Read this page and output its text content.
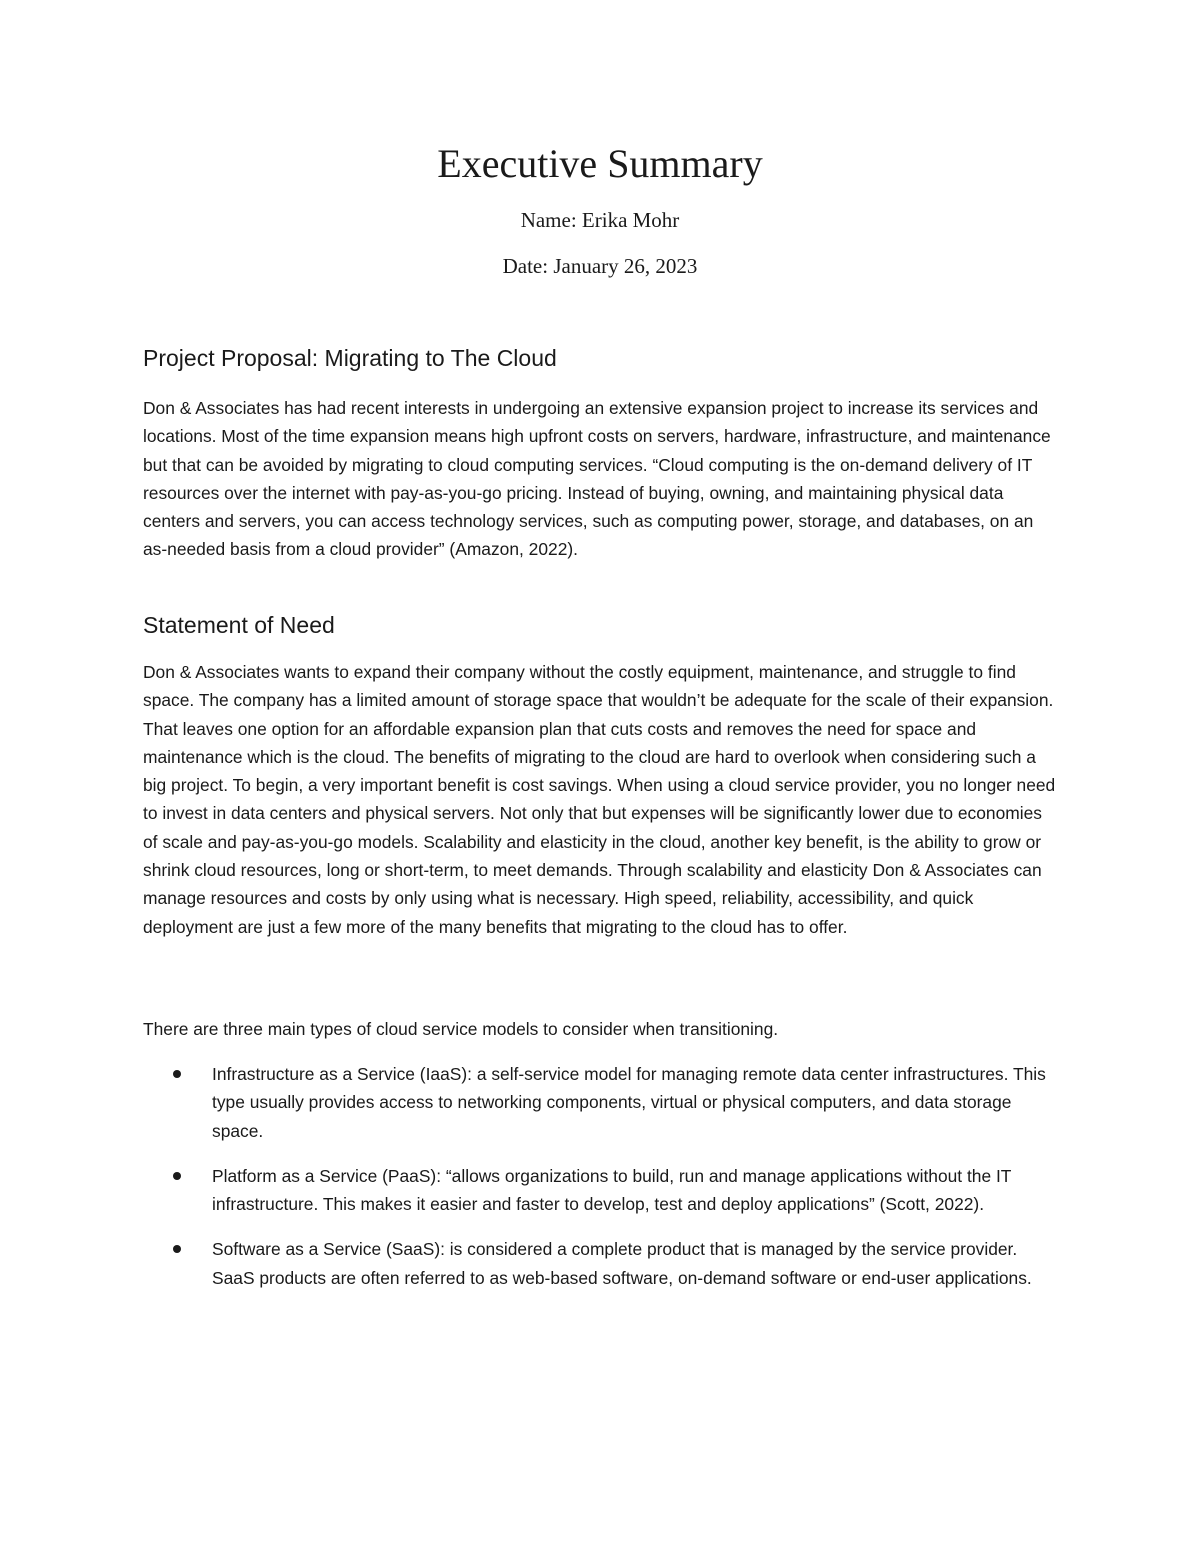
Executive Summary

Name: Erika Mohr

Date: January 26, 2023

Project Proposal: Migrating to The Cloud

Don & Associates has had recent interests in undergoing an extensive expansion project to increase its services and locations. Most of the time expansion means high upfront costs on servers, hardware, infrastructure, and maintenance but that can be avoided by migrating to cloud computing services. “Cloud computing is the on-demand delivery of IT resources over the internet with pay-as-you-go pricing. Instead of buying, owning, and maintaining physical data centers and servers, you can access technology services, such as computing power, storage, and databases, on an as-needed basis from a cloud provider” (Amazon, 2022).

Statement of Need

Don & Associates wants to expand their company without the costly equipment, maintenance, and struggle to find space. The company has a limited amount of storage space that wouldn’t be adequate for the scale of their expansion. That leaves one option for an affordable expansion plan that cuts costs and removes the need for space and maintenance which is the cloud. The benefits of migrating to the cloud are hard to overlook when considering such a big project. To begin, a very important benefit is cost savings. When using a cloud service provider, you no longer need to invest in data centers and physical servers. Not only that but expenses will be significantly lower due to economies of scale and pay-as-you-go models. Scalability and elasticity in the cloud, another key benefit, is the ability to grow or shrink cloud resources, long or short-term, to meet demands. Through scalability and elasticity Don & Associates can manage resources and costs by only using what is necessary. High speed, reliability, accessibility, and quick deployment are just a few more of the many benefits that migrating to the cloud has to offer.

There are three main types of cloud service models to consider when transitioning.

Infrastructure as a Service (IaaS): a self-service model for managing remote data center infrastructures. This type usually provides access to networking components, virtual or physical computers, and data storage space.
Platform as a Service (PaaS): “allows organizations to build, run and manage applications without the IT infrastructure. This makes it easier and faster to develop, test and deploy applications” (Scott, 2022).
Software as a Service (SaaS): is considered a complete product that is managed by the service provider. SaaS products are often referred to as web-based software, on-demand software or end-user applications.
